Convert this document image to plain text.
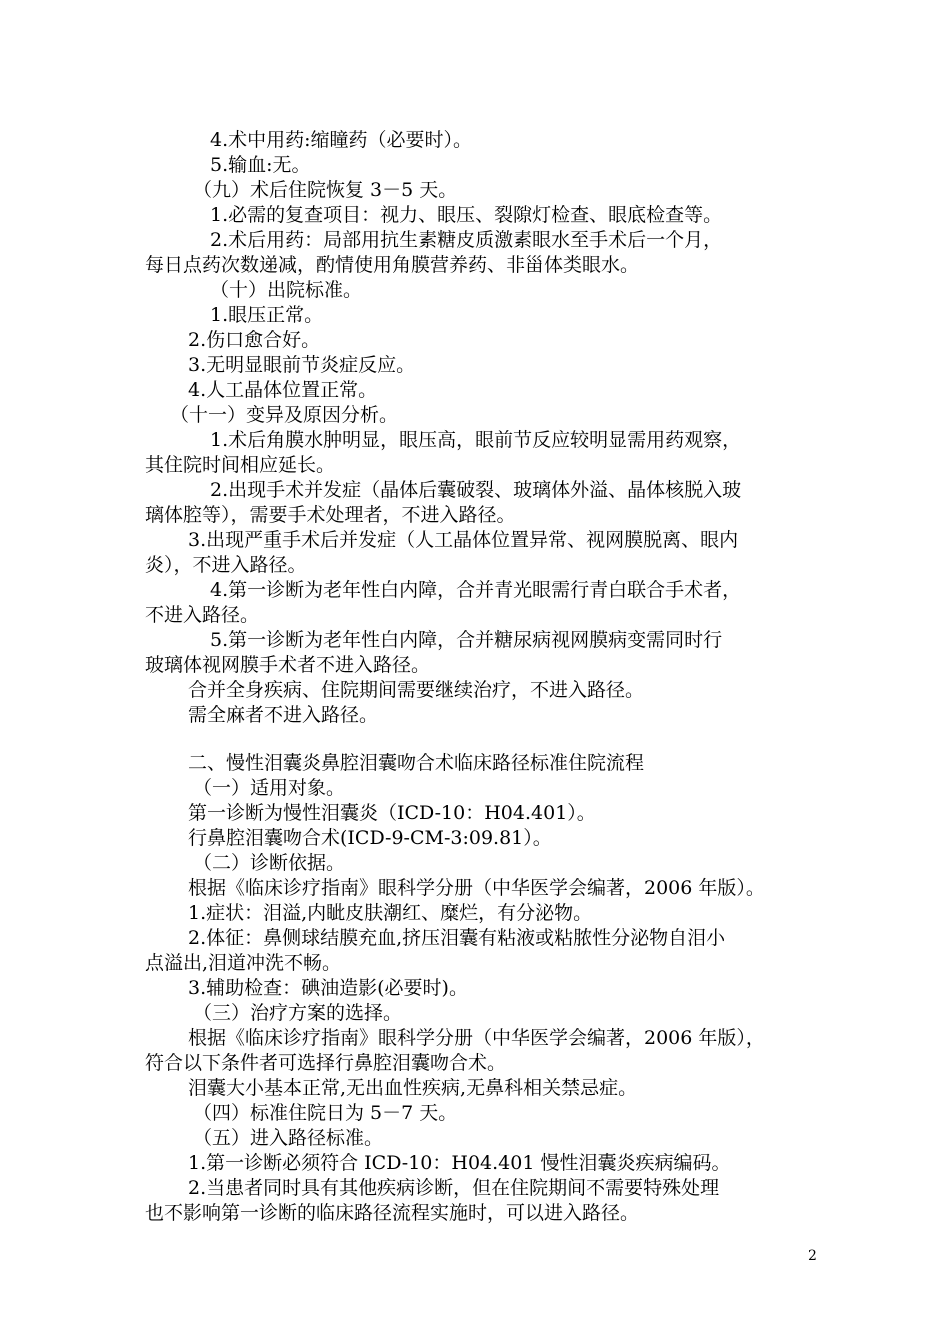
4.术中用药:缩瞳药（必要时）。
5.输血:无。
（九）术后住院恢复 3－5 天。
1.必需的复查项目：视力、眼压、裂隙灯检查、眼底检查等。
2.术后用药：局部用抗生素糖皮质激素眼水至手术后一个月，
每日点药次数递减，酌情使用角膜营养药、非甾体类眼水。
（十）出院标准。
1.眼压正常。
2.伤口愈合好。
3.无明显眼前节炎症反应。
4.人工晶体位置正常。
（十一）变异及原因分析。
1.术后角膜水肿明显，眼压高，眼前节反应较明显需用药观察，
其住院时间相应延长。
2.出现手术并发症（晶体后囊破裂、玻璃体外溢、晶体核脱入玻
璃体腔等），需要手术处理者，不进入路径。
3.出现严重手术后并发症（人工晶体位置异常、视网膜脱离、眼内
炎），不进入路径。
4.第一诊断为老年性白内障，合并青光眼需行青白联合手术者，
不进入路径。
5.第一诊断为老年性白内障，合并糖尿病视网膜病变需同时行
玻璃体视网膜手术者不进入路径。
合并全身疾病、住院期间需要继续治疗，不进入路径。
需全麻者不进入路径。
二、慢性泪囊炎鼻腔泪囊吻合术临床路径标准住院流程
（一）适用对象。
第一诊断为慢性泪囊炎（ICD-10：H04.401）。
行鼻腔泪囊吻合术(ICD-9-CM-3:09.81）。
（二）诊断依据。
根据《临床诊疗指南》眼科学分册（中华医学会编著，2006 年版）。
1.症状：泪溢,内眦皮肤潮红、糜烂，有分泌物。
2.体征：鼻侧球结膜充血,挤压泪囊有粘液或粘脓性分泌物自泪小
点溢出,泪道冲洗不畅。
3.辅助检查：碘油造影(必要时)。
（三）治疗方案的选择。
根据《临床诊疗指南》眼科学分册（中华医学会编著，2006 年版），
符合以下条件者可选择行鼻腔泪囊吻合术。
泪囊大小基本正常,无出血性疾病,无鼻科相关禁忌症。
（四）标准住院日为 5－7 天。
（五）进入路径标准。
1.第一诊断必须符合 ICD-10：H04.401 慢性泪囊炎疾病编码。
2.当患者同时具有其他疾病诊断，但在住院期间不需要特殊处理
也不影响第一诊断的临床路径流程实施时，可以进入路径。
2
